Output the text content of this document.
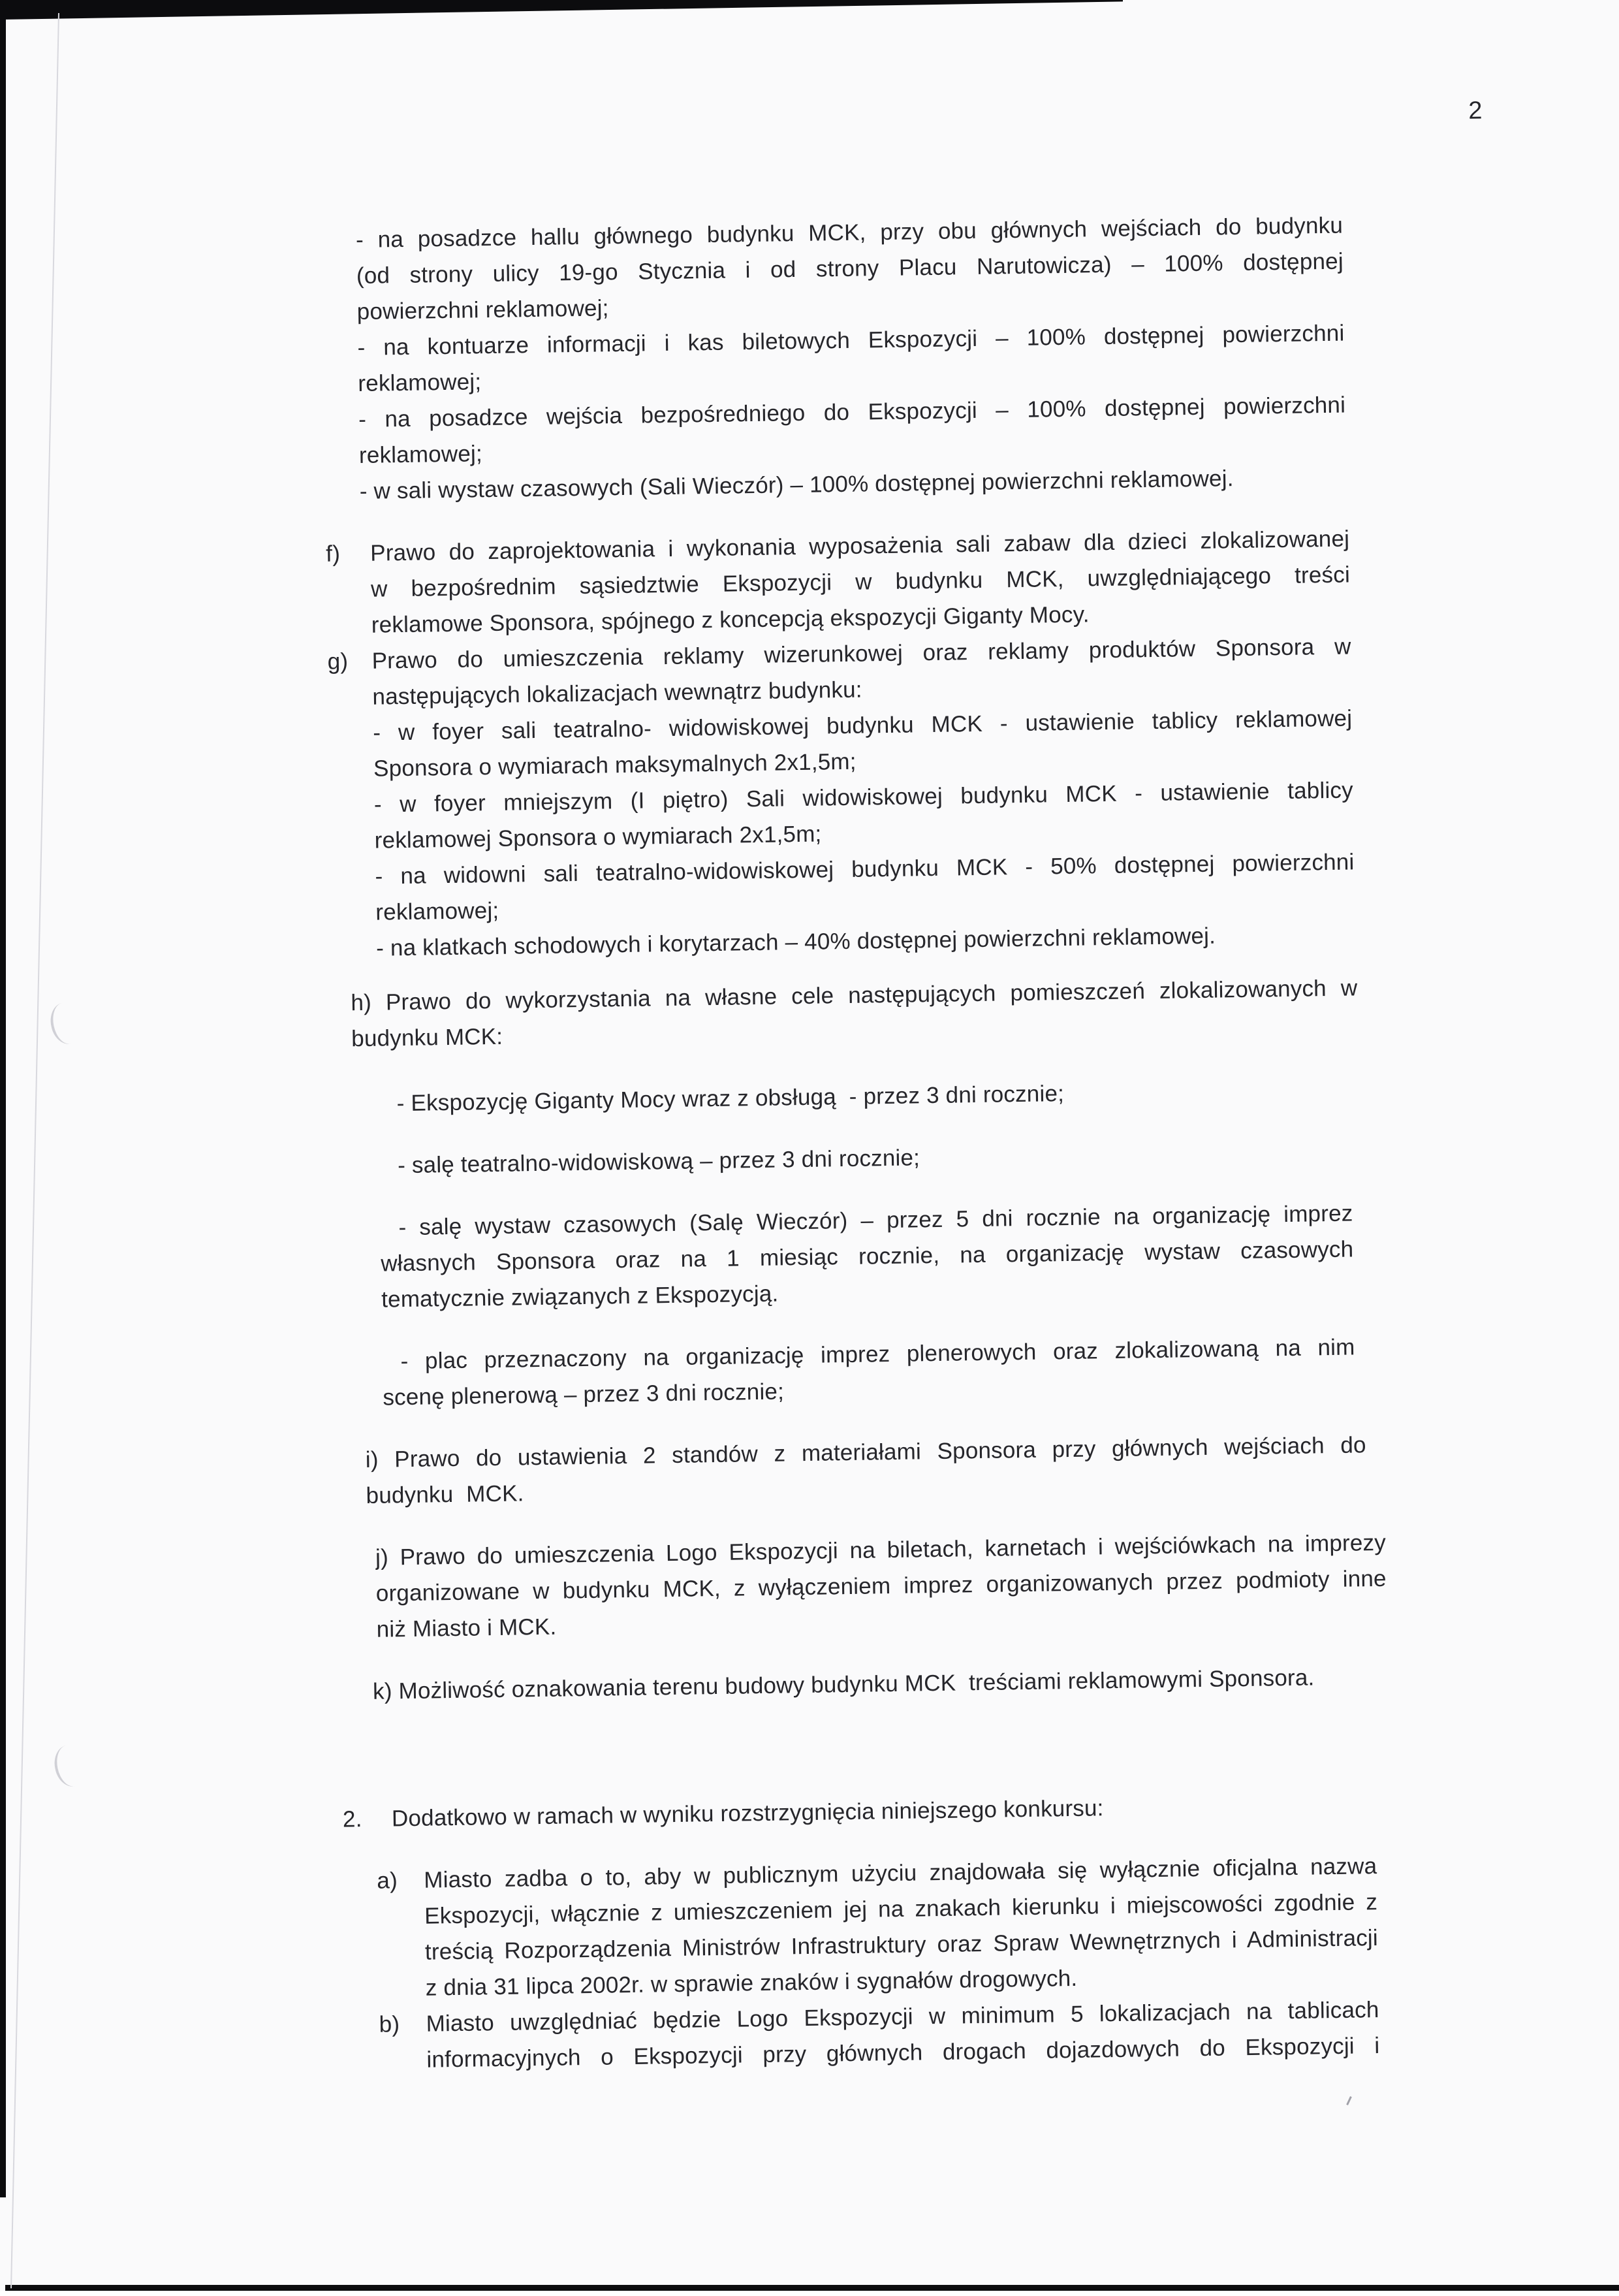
2
- na posadzce hallu głównego budynku MCK, przy obu głównych wejściach do budynku
(od strony ulicy 19-go Stycznia i od strony Placu Narutowicza) – 100% dostępnej
powierzchni reklamowej;
- na kontuarze informacji i kas biletowych Ekspozycji – 100% dostępnej powierzchni
reklamowej;
- na posadzce wejścia bezpośredniego do Ekspozycji – 100% dostępnej powierzchni
reklamowej;
- w sali wystaw czasowych (Sali Wieczór) – 100% dostępnej powierzchni reklamowej.
f) Prawo do zaprojektowania i wykonania wyposażenia sali zabaw dla dzieci zlokalizowanej
w bezpośrednim sąsiedztwie Ekspozycji w budynku MCK, uwzględniającego treści
reklamowe Sponsora, spójnego z koncepcją ekspozycji Giganty Mocy.
g) Prawo do umieszczenia reklamy wizerunkowej oraz reklamy produktów Sponsora w
następujących lokalizacjach wewnątrz budynku:
- w foyer sali teatralno- widowiskowej budynku MCK - ustawienie tablicy reklamowej
Sponsora o wymiarach maksymalnych 2x1,5m;
- w foyer mniejszym (I piętro) Sali widowiskowej budynku MCK - ustawienie tablicy
reklamowej Sponsora o wymiarach 2x1,5m;
- na widowni sali teatralno-widowiskowej budynku MCK - 50% dostępnej powierzchni
reklamowej;
- na klatkach schodowych i korytarzach – 40% dostępnej powierzchni reklamowej.
h) Prawo do wykorzystania na własne cele następujących pomieszczeń zlokalizowanych w
budynku MCK:
- Ekspozycję Giganty Mocy wraz z obsługą  - przez 3 dni rocznie;
- salę teatralno-widowiskową – przez 3 dni rocznie;
- salę wystaw czasowych (Salę Wieczór) – przez 5 dni rocznie na organizację imprez
własnych Sponsora oraz na 1 miesiąc rocznie, na organizację wystaw czasowych
tematycznie związanych z Ekspozycją.
- plac przeznaczony na organizację imprez plenerowych oraz zlokalizowaną na nim
scenę plenerową – przez 3 dni rocznie;
i) Prawo do ustawienia 2 standów z materiałami Sponsora przy głównych wejściach do
budynku  MCK.
j) Prawo do umieszczenia Logo Ekspozycji na biletach, karnetach i wejściówkach na imprezy
organizowane w budynku MCK, z wyłączeniem imprez organizowanych przez podmioty inne
niż Miasto i MCK.
k) Możliwość oznakowania terenu budowy budynku MCK  treściami reklamowymi Sponsora.
2. Dodatkowo w ramach w wyniku rozstrzygnięcia niniejszego konkursu:
a) Miasto zadba o to, aby w publicznym użyciu znajdowała się wyłącznie oficjalna nazwa
Ekspozycji, włącznie z umieszczeniem jej na znakach kierunku i miejscowości zgodnie z
treścią Rozporządzenia Ministrów Infrastruktury oraz Spraw Wewnętrznych i Administracji
z dnia 31 lipca 2002r. w sprawie znaków i sygnałów drogowych.
b) Miasto uwzględniać będzie Logo Ekspozycji w minimum 5 lokalizacjach na tablicach
informacyjnych o Ekspozycji przy głównych drogach dojazdowych do Ekspozycji i
